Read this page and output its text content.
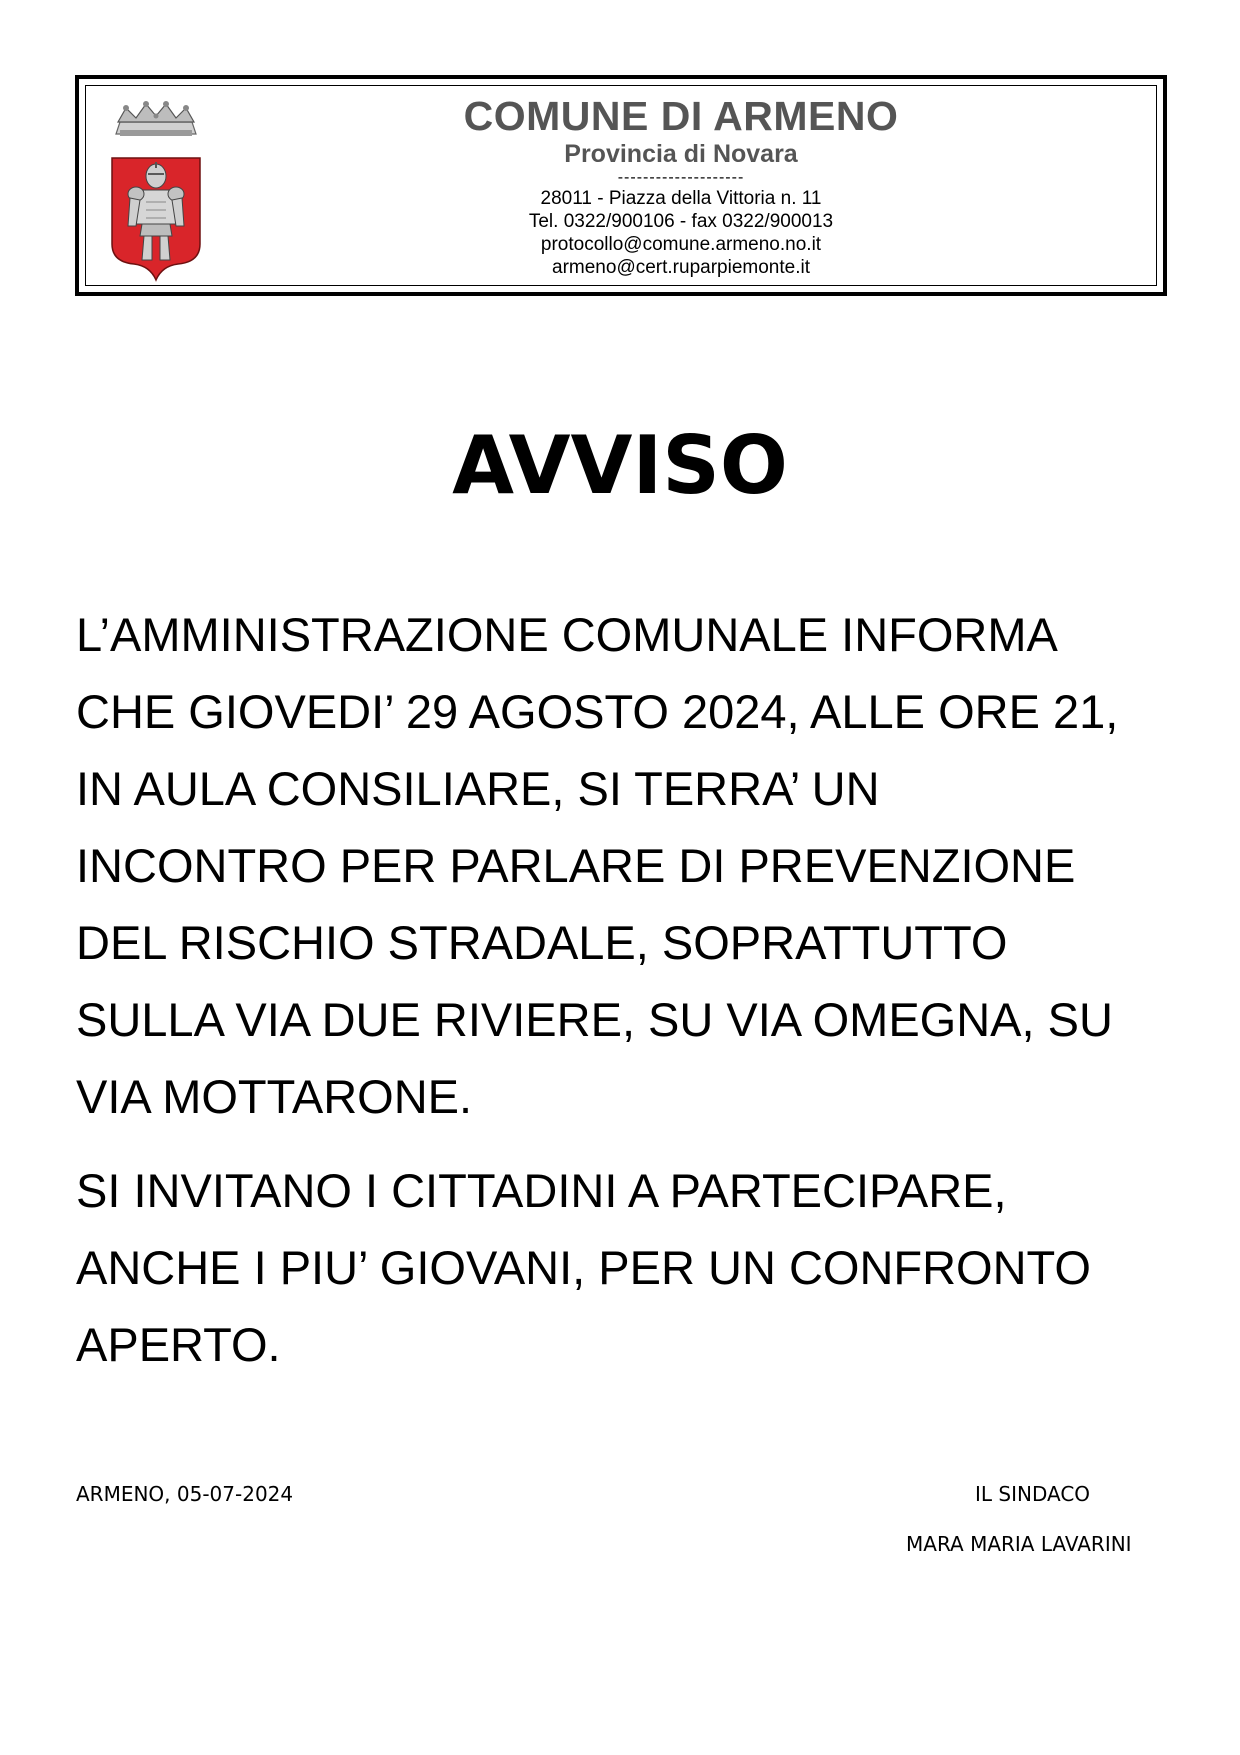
COMUNE DI ARMENO
Provincia di Novara
--------------------
28011 - Piazza della Vittoria n. 11
Tel. 0322/900106 - fax 0322/900013
protocollo@comune.armeno.no.it
armeno@cert.ruparpiemonte.it
AVVISO
L’AMMINISTRAZIONE COMUNALE INFORMA
CHE GIOVEDI’ 29 AGOSTO 2024, ALLE ORE 21,
IN AULA CONSILIARE, SI TERRA’ UN
INCONTRO PER PARLARE DI PREVENZIONE
DEL RISCHIO STRADALE, SOPRATTUTTO
SULLA VIA DUE RIVIERE, SU VIA OMEGNA, SU
VIA MOTTARONE.
SI INVITANO I CITTADINI A PARTECIPARE,
ANCHE I PIU’ GIOVANI, PER UN CONFRONTO
APERTO.
ARMENO, 05-07-2024	IL SINDACO
MARA MARIA LAVARINI
